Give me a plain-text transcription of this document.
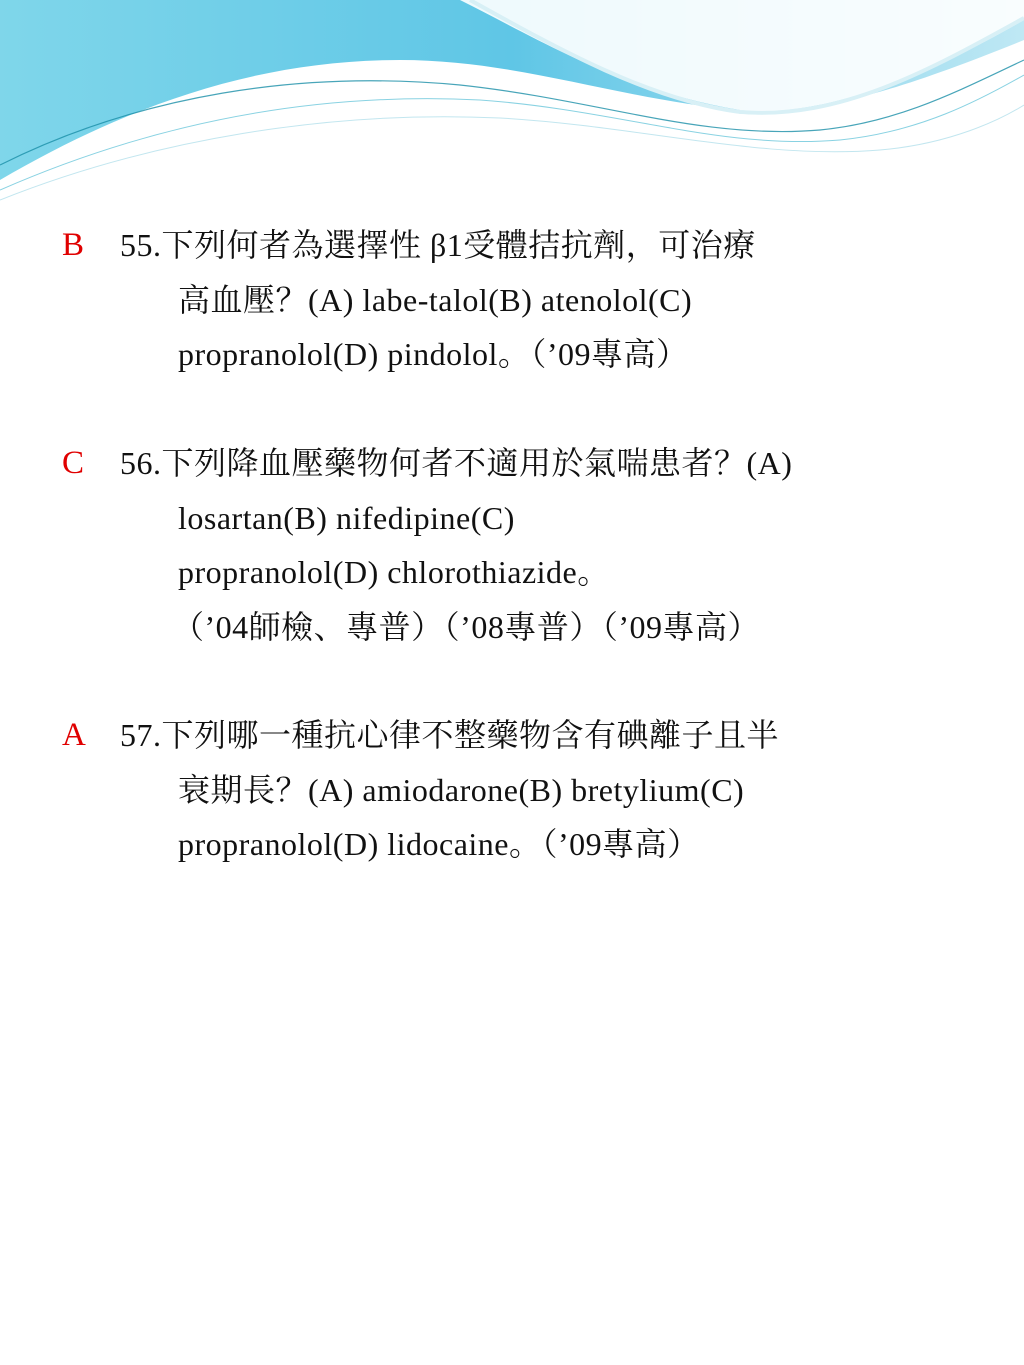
B 55.下列何者為選擇性 β1受體拮抗劑，可治療
高血壓？(A) labe-talol(B) atenolol(C)
propranolol(D) pindolol。（’09專高）
C 56.下列降血壓藥物何者不適用於氣喘患者？(A)
losartan(B) nifedipine(C)
propranolol(D) chlorothiazide。
（’04師檢、專普）（’08專普）（’09專高）
A 57.下列哪一種抗心律不整藥物含有碘離子且半
衰期長？(A) amiodarone(B) bretylium(C)
propranolol(D) lidocaine。（’09專高）
